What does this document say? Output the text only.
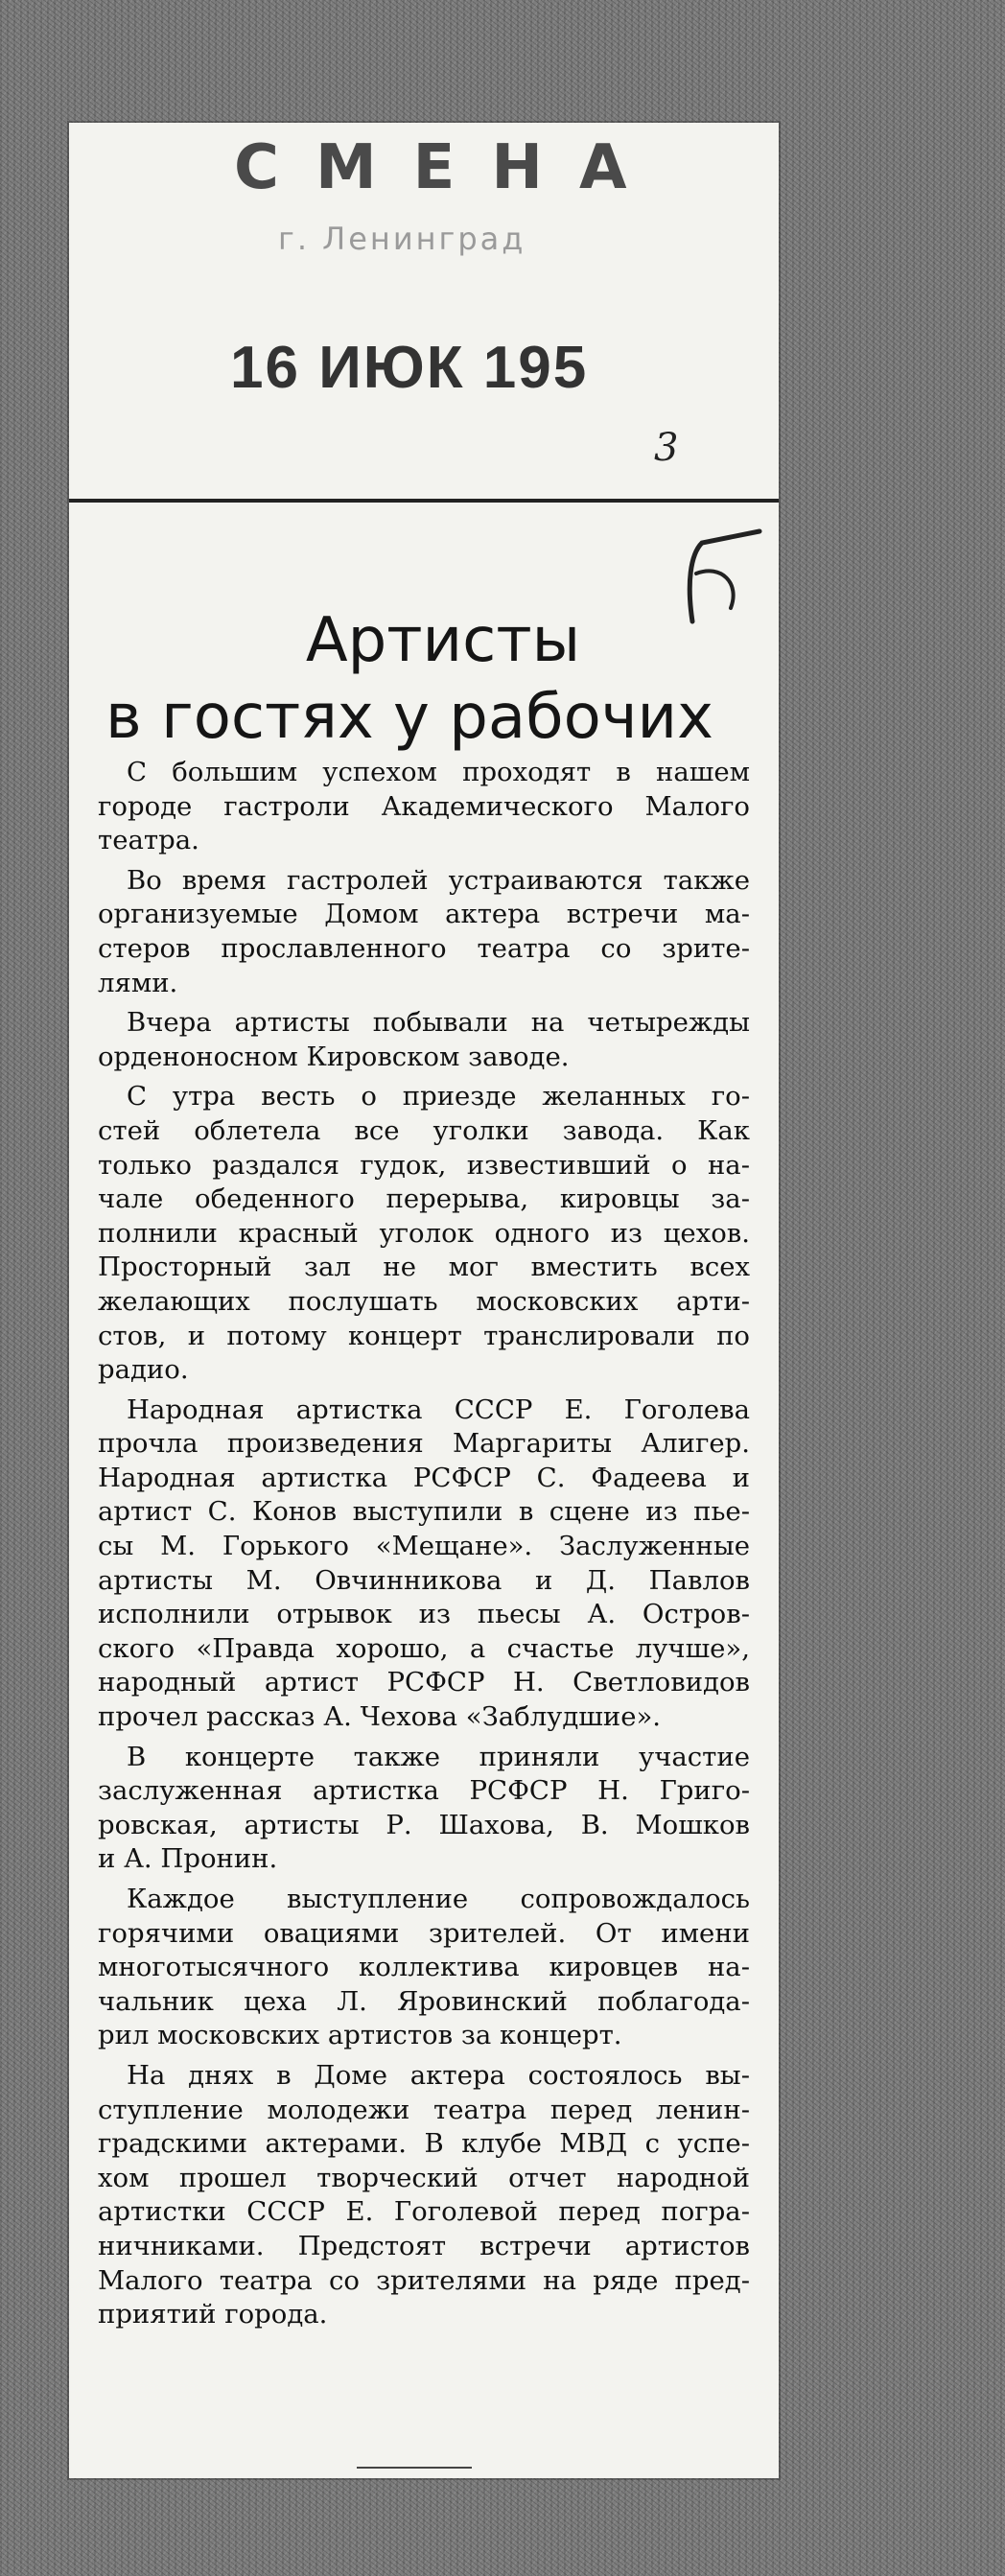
СМЕНА
г. Ленинград
16 ИЮК 195
3
Артисты
в гостях у рабочих

С большим успехом проходят в нашем
городе гастроли Академического Малого
театра.

Во время гастролей устраиваются также
организуемые Домом актера встречи ма-
стеров прославленного театра со зрите-
лями.

Вчера артисты побывали на четырежды
орденоносном Кировском заводе.

С утра весть о приезде желанных го-
стей облетела все уголки завода. Как
только раздался гудок, известивший о на-
чале обеденного перерыва, кировцы за-
полнили красный уголок одного из цехов.
Просторный зал не мог вместить всех
желающих послушать московских арти-
стов, и потому концерт транслировали по
радио.

Народная артистка СССР Е. Гоголева
прочла произведения Маргариты Алигер.
Народная артистка РСФСР С. Фадеева и
артист С. Конов выступили в сцене из пье-
сы М. Горького «Мещане». Заслуженные
артисты М. Овчинникова и Д. Павлов
исполнили отрывок из пьесы А. Остров-
ского «Правда хорошо, а счастье лучше»,
народный артист РСФСР Н. Светловидов
прочел рассказ А. Чехова «Заблудшие».

В концерте также приняли участие
заслуженная артистка РСФСР Н. Григо-
ровская, артисты Р. Шахова, В. Мошков
и А. Пронин.

Каждое выступление сопровождалось
горячими овациями зрителей. От имени
многотысячного коллектива кировцев на-
чальник цеха Л. Яровинский поблагода-
рил московских артистов за концерт.

На днях в Доме актера состоялось вы-
ступление молодежи театра перед ленин-
градскими актерами. В клубе МВД с успе-
хом прошел творческий отчет народной
артистки СССР Е. Гоголевой перед погра-
ничниками. Предстоят встречи артистов
Малого театра со зрителями на ряде пред-
приятий города.
